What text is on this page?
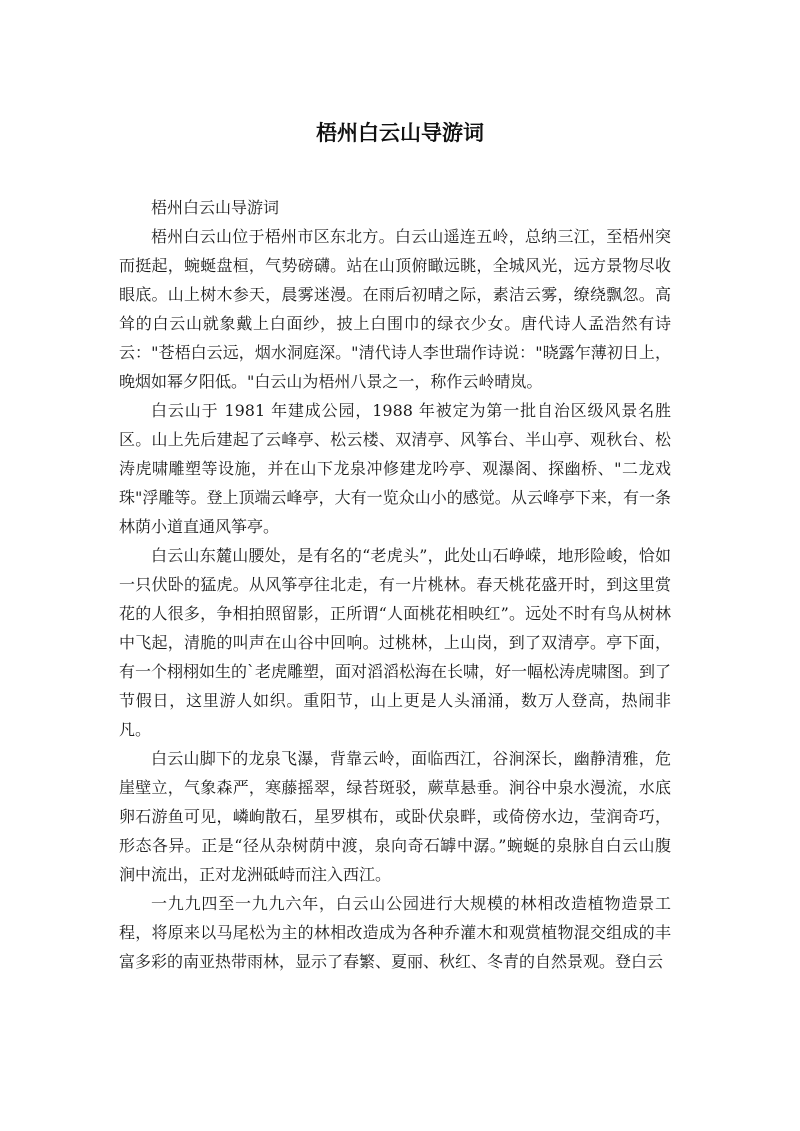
梧州白云山导游词

梧州白云山导游词

梧州白云山位于梧州市区东北方。白云山遥连五岭，总纳三江，至梧州突而挺起，蜿蜒盘桓，气势磅礴。站在山顶俯瞰远眺，全城风光，远方景物尽收眼底。山上树木参天，晨雾迷漫。在雨后初晴之际，素洁云雾，缭绕飘忽。高耸的白云山就象戴上白面纱，披上白围巾的绿衣少女。唐代诗人孟浩然有诗云："苍梧白云远，烟水洞庭深。"清代诗人李世瑞作诗说："晓露乍薄初日上，晚烟如幂夕阳低。"白云山为梧州八景之一，称作云岭晴岚。

白云山于 1981 年建成公园，1988 年被定为第一批自治区级风景名胜区。山上先后建起了云峰亭、松云楼、双清亭、风筝台、半山亭、观秋台、松涛虎啸雕塑等设施，并在山下龙泉冲修建龙吟亭、观瀑阁、探幽桥、"二龙戏珠"浮雕等。登上顶端云峰亭，大有一览众山小的感觉。从云峰亭下来，有一条林荫小道直通风筝亭。

白云山东麓山腰处，是有名的“老虎头”，此处山石峥嵘，地形险峻，恰如一只伏卧的猛虎。从风筝亭往北走，有一片桃林。春天桃花盛开时，到这里赏花的人很多，争相拍照留影，正所谓“人面桃花相映红”。远处不时有鸟从树林中飞起，清脆的叫声在山谷中回响。过桃林，上山岗，到了双清亭。亭下面，有一个栩栩如生的`老虎雕塑，面对滔滔松海在长啸，好一幅松涛虎啸图。到了节假日，这里游人如织。重阳节，山上更是人头涌涌，数万人登高，热闹非凡。

白云山脚下的龙泉飞瀑，背靠云岭，面临西江，谷涧深长，幽静清雅，危崖壁立，气象森严，寒藤摇翠，绿苔斑驳，蕨草悬垂。涧谷中泉水漫流，水底卵石游鱼可见，嶙峋散石，星罗棋布，或卧伏泉畔，或倚傍水边，莹润奇巧，形态各异。正是“径从杂树荫中渡，泉向奇石罅中潺。”蜿蜒的泉脉自白云山腹涧中流出，正对龙洲砥峙而注入西江。

一九九四至一九九六年，白云山公园进行大规模的林相改造植物造景工程，将原来以马尾松为主的林相改造成为各种乔灌木和观赏植物混交组成的丰富多彩的南亚热带雨林，显示了春繁、夏丽、秋红、冬青的自然景观。登白云
